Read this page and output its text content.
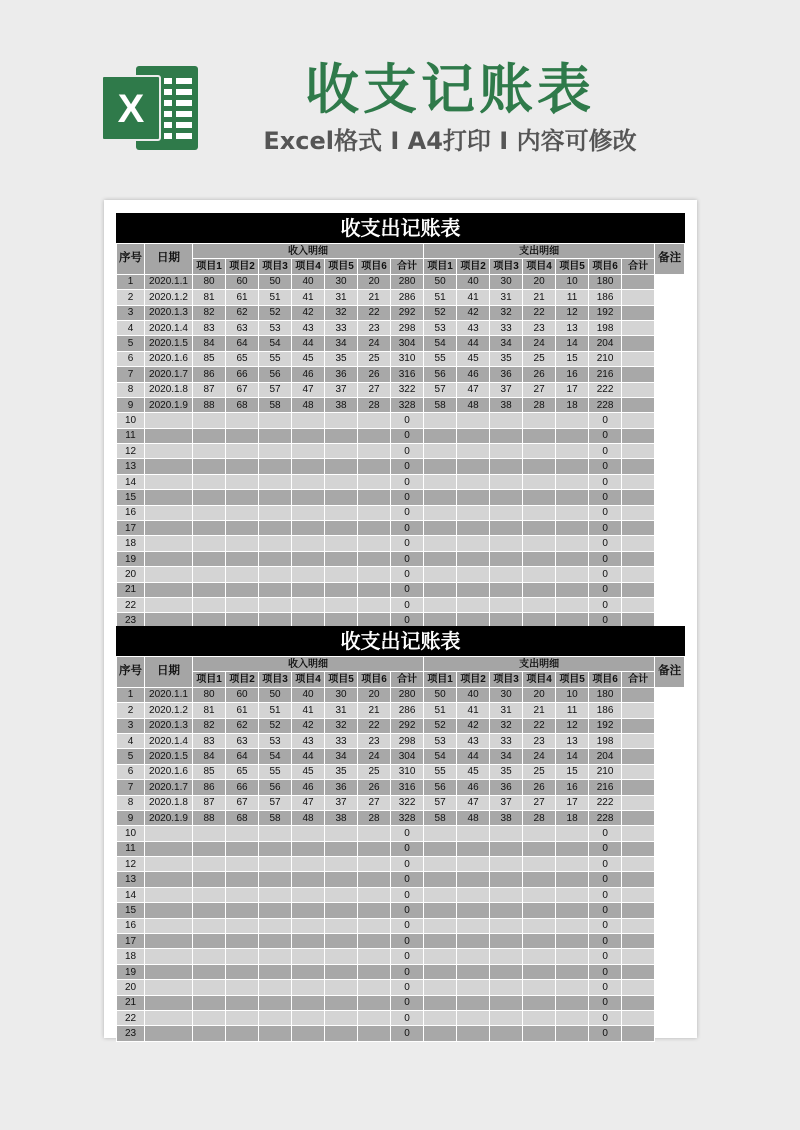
X	收支记账表
Excel格式 I A4打印 I 内容可修改
收支出记账表
序号	日期	收入明细							支出明细							备注
		项目1	项目2	项目3	项目4	项目5	项目6	合计	项目1	项目2	项目3	项目4	项目5	项目6	合计	
1	2020.1.1	80	60	50	40	30	20	280	50	40	30	20	10	180		
2	2020.1.2	81	61	51	41	31	21	286	51	41	31	21	11	186		
3	2020.1.3	82	62	52	42	32	22	292	52	42	32	22	12	192		
4	2020.1.4	83	63	53	43	33	23	298	53	43	33	23	13	198		
5	2020.1.5	84	64	54	44	34	24	304	54	44	34	24	14	204		
6	2020.1.6	85	65	55	45	35	25	310	55	45	35	25	15	210		
7	2020.1.7	86	66	56	46	36	26	316	56	46	36	26	16	216		
8	2020.1.8	87	67	57	47	37	27	322	57	47	37	27	17	222		
9	2020.1.9	88	68	58	48	38	28	328	58	48	38	28	18	228		
10								0						0		
11								0						0		
12								0						0		
13								0						0		
14								0						0		
15								0						0		
16								0						0		
17								0						0		
18								0						0		
19								0						0		
20								0						0		
21								0						0		
22								0						0		
23								0						0		
收支出记账表
序号	日期	收入明细							支出明细							备注
		项目1	项目2	项目3	项目4	项目5	项目6	合计	项目1	项目2	项目3	项目4	项目5	项目6	合计	
1	2020.1.1	80	60	50	40	30	20	280	50	40	30	20	10	180		
2	2020.1.2	81	61	51	41	31	21	286	51	41	31	21	11	186		
3	2020.1.3	82	62	52	42	32	22	292	52	42	32	22	12	192		
4	2020.1.4	83	63	53	43	33	23	298	53	43	33	23	13	198		
5	2020.1.5	84	64	54	44	34	24	304	54	44	34	24	14	204		
6	2020.1.6	85	65	55	45	35	25	310	55	45	35	25	15	210		
7	2020.1.7	86	66	56	46	36	26	316	56	46	36	26	16	216		
8	2020.1.8	87	67	57	47	37	27	322	57	47	37	27	17	222		
9	2020.1.9	88	68	58	48	38	28	328	58	48	38	28	18	228		
10								0						0		
11								0						0		
12								0						0		
13								0						0		
14								0						0		
15								0						0		
16								0						0		
17								0						0		
18								0						0		
19								0						0		
20								0						0		
21								0						0		
22								0						0		
23								0						0		
